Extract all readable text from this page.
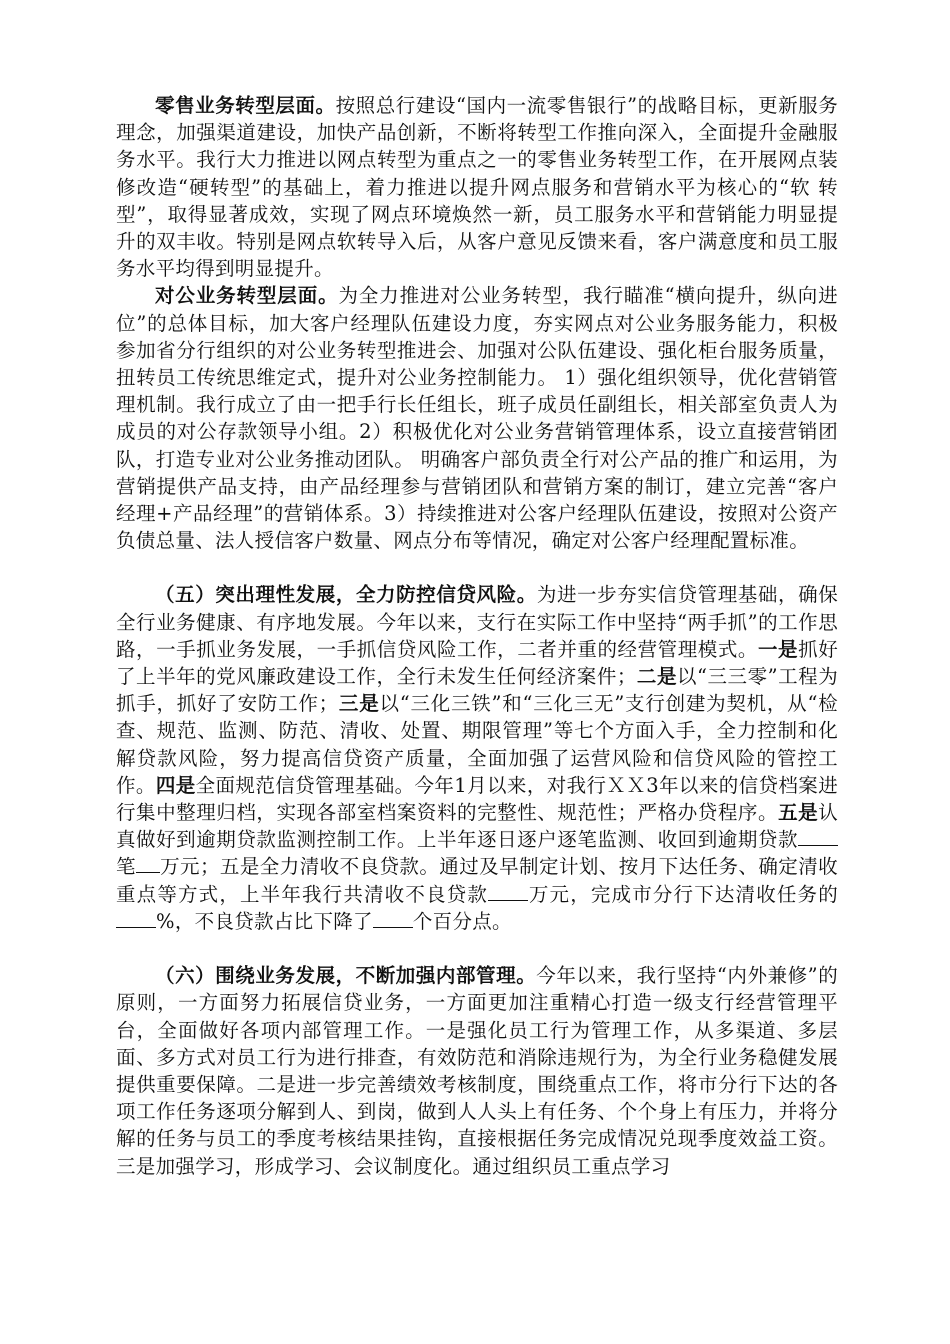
零售业务转型层面。按照总行建设“国内一流零售银行”的战略目标，更新服务理念，加强渠道建设，加快产品创新，不断将转型工作推向深入，全面提升金融服务水平。我行大力推进以网点转型为重点之一的零售业务转型工作，在开展网点装修改造“硬转型”的基础上，着力推进以提升网点服务和营销水平为核心的“软 转型”，取得显著成效，实现了网点环境焕然一新，员工服务水平和营销能力明显提升的双丰收。特别是网点软转导入后，从客户意见反馈来看，客户满意度和员工服务水平均得到明显提升。

对公业务转型层面。为全力推进对公业务转型，我行瞄准“横向提升，纵向进位”的总体目标，加大客户经理队伍建设力度，夯实网点对公业务服务能力，积极参加省分行组织的对公业务转型推进会、加强对公队伍建设、强化柜台服务质量，扭转员工传统思维定式，提升对公业务控制能力。 1）强化组织领导，优化营销管理机制。我行成立了由一把手行长任组长，班子成员任副组长，相关部室负责人为成员的对公存款领导小组。2）积极优化对公业务营销管理体系，设立直接营销团队，打造专业对公业务推动团队。 明确客户部负责全行对公产品的推广和运用，为营销提供产品支持，由产品经理参与营销团队和营销方案的制订，建立完善“客户经理+产品经理”的营销体系。3）持续推进对公客户经理队伍建设，按照对公资产负债总量、法人授信客户数量、网点分布等情况，确定对公客户经理配置标准。

（五）突出理性发展，全力防控信贷风险。为进一步夯实信贷管理基础，确保全行业务健康、有序地发展。今年以来，支行在实际工作中坚持“两手抓”的工作思路，一手抓业务发展，一手抓信贷风险工作，二者并重的经营管理模式。一是抓好了上半年的党风廉政建设工作，全行未发生任何经济案件；二是以“三三零”工程为抓手，抓好了安防工作；三是以“三化三铁”和“三化三无”支行创建为契机，从“检查、规范、监测、防范、清收、处置、期限管理”等七个方面入手，全力控制和化解贷款风险，努力提高信贷资产质量，全面加强了运营风险和信贷风险的管控工作。四是全面规范信贷管理基础。今年1月以来，对我行ＸＸ3年以来的信贷档案进行集中整理归档，实现各部室档案资料的完整性、规范性；严格办贷程序。五是认真做好到逾期贷款监测控制工作。上半年逐日逐户逐笔监测、收回到逾期贷款笔 万元；五是全力清收不良贷款。通过及早制定计划、按月下达任务、确定清收重点等方式，上半年我行共清收不良贷款 万元，完成市分行下达清收任务的%，不良贷款占比下降了 个百分点。

（六）围绕业务发展，不断加强内部管理。今年以来，我行坚持“内外兼修”的原则，一方面努力拓展信贷业务，一方面更加注重精心打造一级支行经营管理平台，全面做好各项内部管理工作。一是强化员工行为管理工作，从多渠道、多层面、多方式对员工行为进行排查，有效防范和消除违规行为，为全行业务稳健发展提供重要保障。二是进一步完善绩效考核制度，围绕重点工作，将市分行下达的各项工作任务逐项分解到人、到岗，做到人人头上有任务、个个身上有压力，并将分解的任务与员工的季度考核结果挂钩，直接根据任务完成情况兑现季度效益工资。三是加强学习，形成学习、会议制度化。通过组织员工重点学习
